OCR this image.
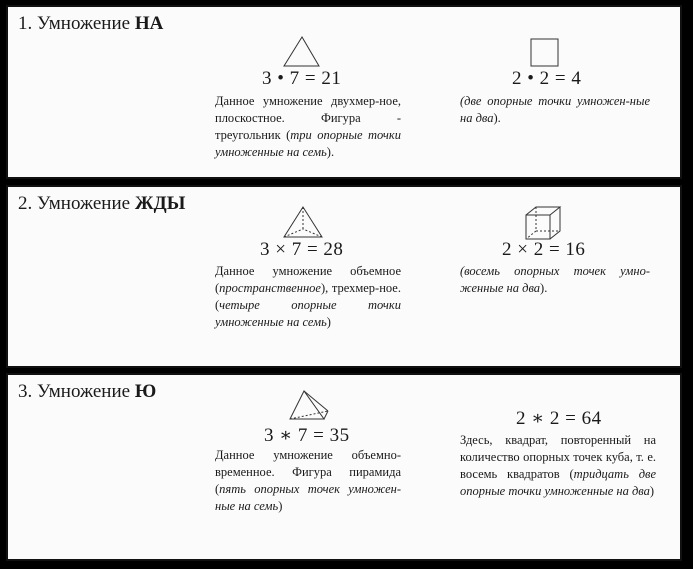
1. Умножение НА
3 • 7 = 21
Данное умножение двухмер-ное, плоскостное. Фигура - треугольник (три опорные точки умноженные на семь).
2 • 2 = 4
(две опорные точки умножен-ные на два).
2. Умножение ЖДЫ
3 × 7 = 28
Данное умножение объемное (пространственное), трехмер-ное. (четыре опорные точки умноженные на семь)
2 × 2 = 16
(восемь опорных точек умно-женные на два).
3. Умножение Ю
3 ∗ 7 = 35
Данное умножение объемно-временное. Фигура пирамида (пять опорных точек умножен-ные на семь)
2 ∗ 2 = 64
Здесь, квадрат, повторенный на количество опорных точек куба, т. е. восемь квадратов (тридцать две опорные точки умноженные на два)
